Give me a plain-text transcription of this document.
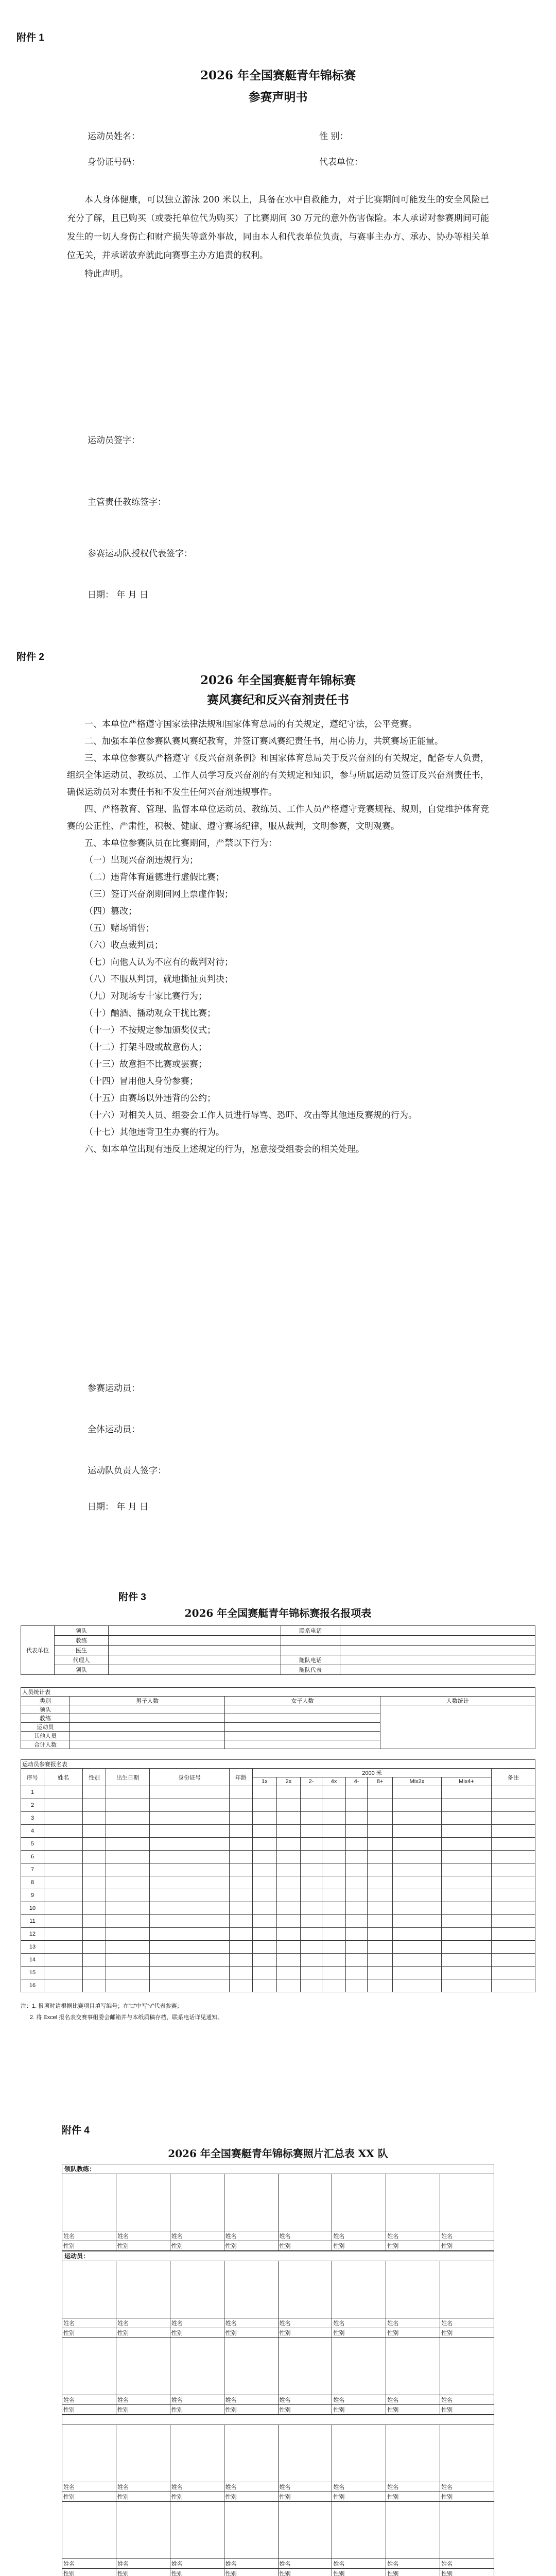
附件 1
2026 年全国赛艇青年锦标赛
参赛声明书
运动员姓名：	性 别：
身份证号码：	代表单位：

本人身体健康，可以独立游泳 200 米以上，具备在水中自救能力，对于比赛期间可能发生的安全风险已充分了解，且已购买（或委托单位代为购买）了比赛期间 30 万元的意外伤害保险。本人承诺对参赛期间可能发生的一切人身伤亡和财产损失等意外事故，同由本人和代表单位负责，与赛事主办方、承办、协办等相关单位无关，并承诺放弃就此向赛事主办方追责的权利。

特此声明。

运动员签字：
主管责任教练签字：
参赛运动队授权代表签字：
日期： 年 月 日
附件 2
2026 年全国赛艇青年锦标赛
赛风赛纪和反兴奋剂责任书

一、本单位严格遵守国家法律法规和国家体育总局的有关规定，遵纪守法，公平竞赛。

二、加强本单位参赛队赛风赛纪教育，并签订赛风赛纪责任书，用心协力，共筑赛场正能量。

三、本单位参赛队严格遵守《反兴奋剂条例》和国家体育总局关于反兴奋剂的有关规定，配备专人负责，组织全体运动员、教练员、工作人员学习反兴奋剂的有关规定和知识，参与所属运动员签订反兴奋剂责任书，确保运动员对本责任书和不发生任何兴奋剂违规事件。

四、严格教育、管理、监督本单位运动员、教练员、工作人员严格遵守竞赛规程、规则，自觉维护体育竞赛的公正性、严肃性，积极、健康、遵守赛场纪律，服从裁判，文明参赛，文明观赛。

五、本单位参赛队员在比赛期间，严禁以下行为：

（一）出现兴奋剂违规行为；

（二）违背体育道德进行虚假比赛；

（三）签订兴奋剂期间网上票虚作假；

（四）篡改；

（五）赌场销售；

（六）收点裁判员；

（七）向他人认为不应有的裁判对待；

（八）不服从判罚，就地撕扯页判决；

（九）对现场专十家比赛行为；

（十）酗酒、播动观众干扰比赛；

（十一）不按规定参加颁奖仪式；

（十二）打架斗殴或故意伤人；

（十三）故意拒不比赛或罢赛；

（十四）冒用他人身份参赛；

（十五）由赛场以外违背的公约；

（十六）对相关人员、组委会工作人员进行辱骂、恐吓、攻击等其他违反赛规的行为。

（十七）其他违背卫生办赛的行为。

六、如本单位出现有违反上述规定的行为，愿意接受组委会的相关处理。

参赛运动员：
全体运动员：
运动队负责人签字：
日期： 年 月 日
附件 3
2026 年全国赛艇青年锦标赛报名报项表
代表单位	领队		联系电话	
	教练			
	医生			
	代理人		随队电话	
	领队		随队代表	
人员统计表			
类别	男子人数	女子人数	人数统计
领队			
教练			
运动员			
其他人员			
合计人数			
运动员参赛报名表														
序号	姓名	性别	出生日期	身份证号	年龄	2000 米								备注
						1x	2x	2-	4x	4-	8+	Mix2x	Mix4+	
1														
2														
3														
4														
5														
6														
7														
8														
9														
10														
11														
12														
13														
14														
15														
16														
注：1. 报项时请根据比赛项目填写编号；在“□”中写“√”代表参赛；
2. 将 Excel 报名表交赛事组委会邮箱并与本纸质稿存档，联系电话详见通知。
附件 4
2026 年全国赛艇青年锦标赛照片汇总表 XX 队
领队教练：

姓名	姓名	姓名	姓名	姓名	姓名	姓名	姓名
性别	性别	性别	性别	性别	性别	性别	性别
运动员：

姓名	姓名	姓名	姓名	姓名	姓名	姓名	姓名
性别	性别	性别	性别	性别	性别	性别	性别

姓名	姓名	姓名	姓名	姓名	姓名	姓名	姓名
性别	性别	性别	性别	性别	性别	性别	性别

姓名	姓名	姓名	姓名	姓名	姓名	姓名	姓名
性别	性别	性别	性别	性别	性别	性别	性别

姓名	姓名	姓名	姓名	姓名	姓名	姓名	姓名
性别	性别	性别	性别	性别	性别	性别	性别
